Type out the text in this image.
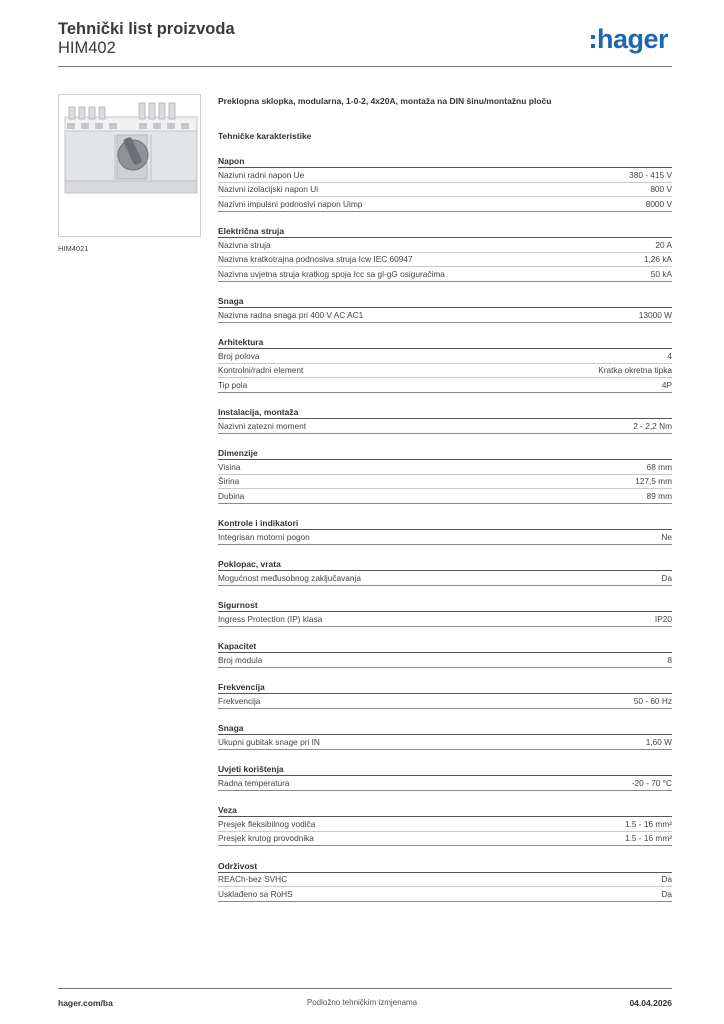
Tehnički list proizvoda
HIM402	hager
HIM4021
Preklopna sklopka, modularna, 1-0-2, 4x20A, montaža na DIN šinu/montažnu ploču
Tehničke karakteristike
Napon
Nazivni radni napon Ue	380 - 415 V
Nazivni izolacijski napon Ui	800 V
Nazivni impulsni podnosivi napon Uimp	8000 V
Električna struja
Nazivna struja	20 A
Nazivna kratkotrajna podnosiva struja Icw IEC 60947	1,26 kA
Nazivna uvjetna struja kratkog spoja Icc sa gl-gG osiguračima	50 kA
Snaga
Nazivna radna snaga pri 400 V AC AC1	13000 W
Arhitektura
Broj polova	4
Kontrolni/radni element	Kratka okretna tipka
Tip pola	4P
Instalacija, montaža
Nazivni zatezni moment	2 - 2,2 Nm
Dimenzije
Visina	68 mm
Širina	127,5 mm
Dubina	89 mm
Kontrole i indikatori
Integrisan motorni pogon	Ne
Poklopac, vrata
Mogućnost međusobnog zaključavanja	Da
Sigurnost
Ingress Protection (IP) klasa	IP20
Kapacitet
Broj modula	8
Frekvencija
Frekvencija	50 - 60 Hz
Snaga
Ukupni gubitak snage pri IN	1,60 W
Uvjeti korištenja
Radna temperatura	-20 - 70 °C
Veza
Presjek fleksibilnog vodiča	1.5 - 16 mm²
Presjek krutog provodnika	1.5 - 16 mm²
Održivost
REACh-bez SVHC	Da
Usklađeno sa RoHS	Da
hager.com/ba	Podložno tehničkim izmjenama	04.04.2026
